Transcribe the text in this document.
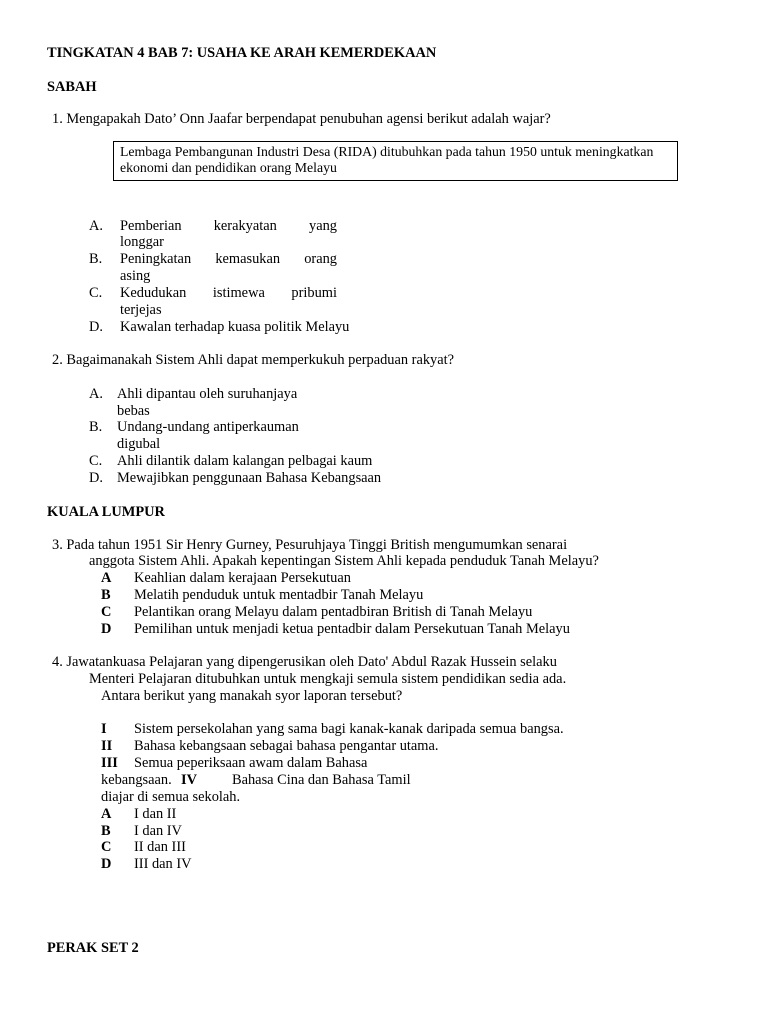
TINGKATAN 4 BAB 7: USAHA KE ARAH KEMERDEKAAN
SABAH
1. Mengapakah Dato’ Onn Jaafar berpendapat penubuhan agensi berikut adalah wajar?
Lembaga Pembangunan Industri Desa (RIDA) ditubuhkan pada tahun 1950 untuk meningkatkan
ekonomi dan pendidikan orang Melayu
A. Pemberian kerakyatan yang
longgar
B. Peningkatan kemasukan orang
asing
C. Kedudukan istimewa pribumi
terjejas
D. Kawalan terhadap kuasa politik Melayu
2. Bagaimanakah Sistem Ahli dapat memperkukuh perpaduan rakyat?
A. Ahli dipantau oleh suruhanjaya
bebas
B. Undang-undang antiperkauman
digubal
C. Ahli dilantik dalam kalangan pelbagai kaum
D. Mewajibkan penggunaan Bahasa Kebangsaan
KUALA LUMPUR
3. Pada tahun 1951 Sir Henry Gurney, Pesuruhjaya Tinggi British mengumumkan senarai
anggota Sistem Ahli. Apakah kepentingan Sistem Ahli kepada penduduk Tanah Melayu?
A Keahlian dalam kerajaan Persekutuan
B Melatih penduduk untuk mentadbir Tanah Melayu
C Pelantikan orang Melayu dalam pentadbiran British di Tanah Melayu
D Pemilihan untuk menjadi ketua pentadbir dalam Persekutuan Tanah Melayu
4. Jawatankuasa Pelajaran yang dipengerusikan oleh Dato' Abdul Razak Hussein selaku
Menteri Pelajaran ditubuhkan untuk mengkaji semula sistem pendidikan sedia ada.
Antara berikut yang manakah syor laporan tersebut?
I Sistem persekolahan yang sama bagi kanak-kanak daripada semua bangsa.
II Bahasa kebangsaan sebagai bahasa pengantar utama.
III Semua peperiksaan awam dalam Bahasa
kebangsaan. IV Bahasa Cina dan Bahasa Tamil
diajar di semua sekolah.
A I dan II
B I dan IV
C II dan III
D III dan IV
PERAK SET 2
